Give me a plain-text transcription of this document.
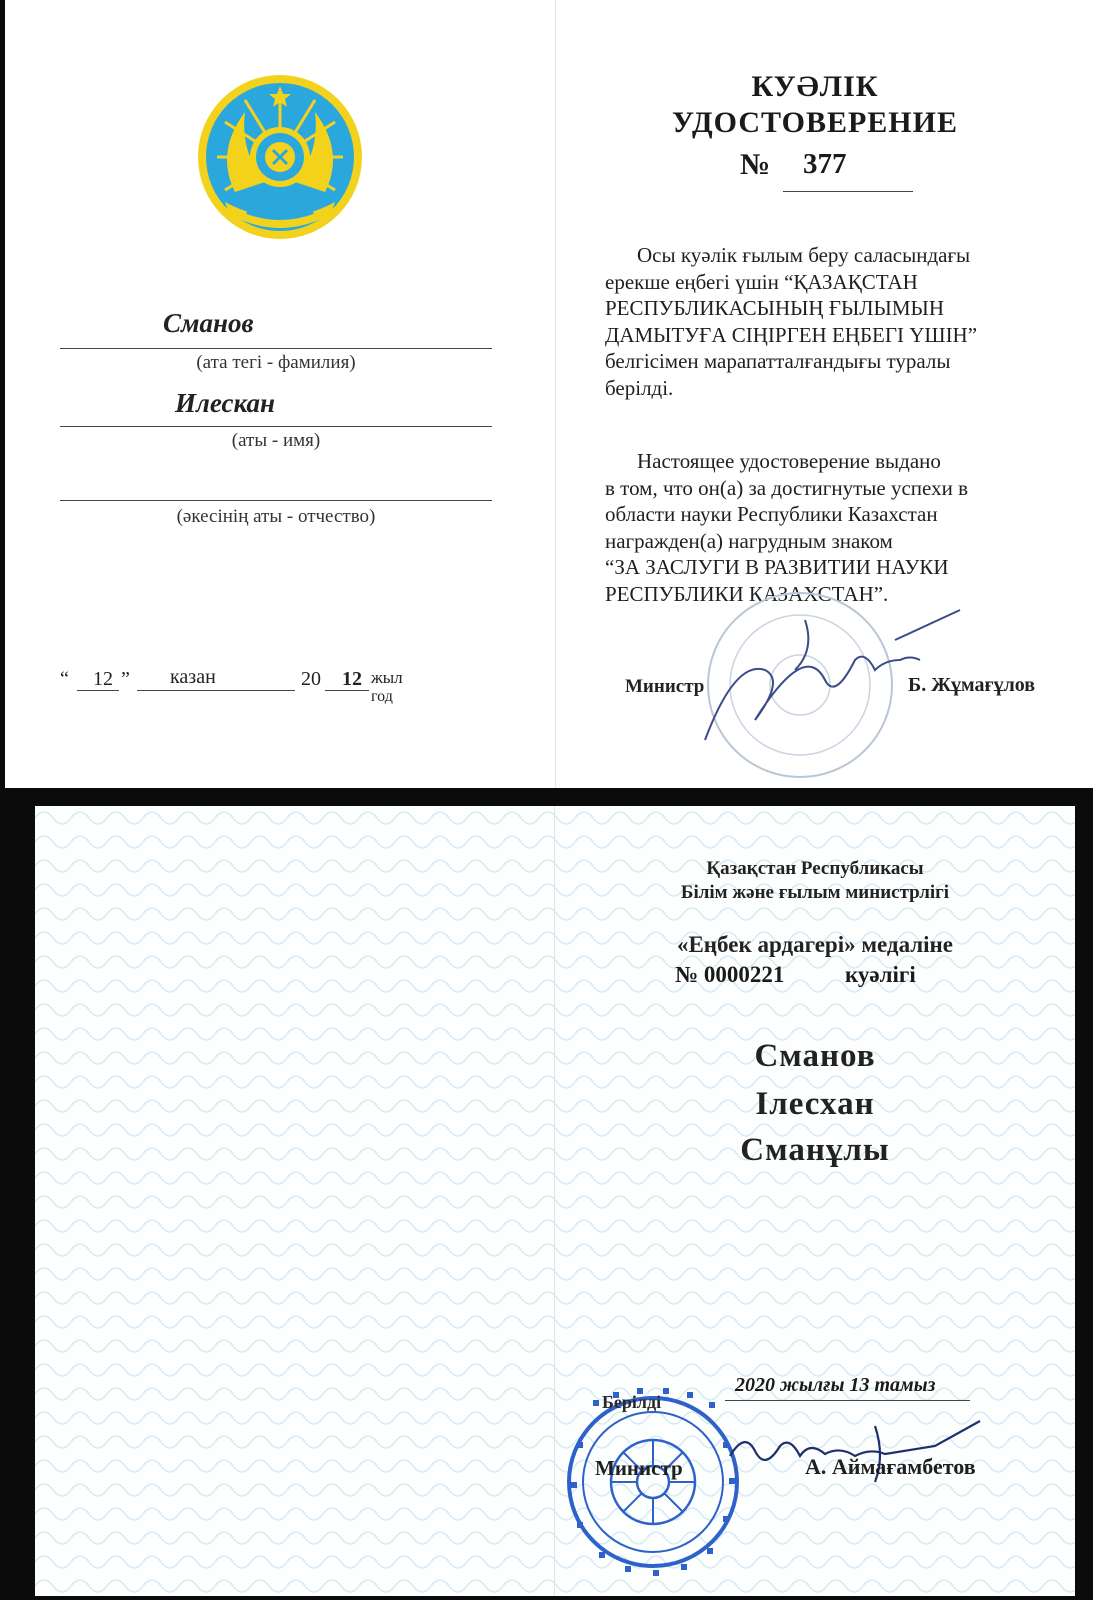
Сманов
(ата тегі - фамилия)
Илескан
(аты - имя)
(әкесінің аты - отчество)
“ 12 ” казан	20 12 жыл
год
КУӘЛІК
УДОСТОВЕРЕНИЕ
№ 377
Осы куәлік ғылым беру саласындағы
ерекше еңбегі үшін “ҚАЗАҚСТАН
РЕСПУБЛИКАСЫНЫҢ ҒЫЛЫМЫН
ДАМЫТУҒА СІҢІРГЕН ЕҢБЕГІ ҮШІН”
белгісімен марапатталғандығы туралы
берілді.
Настоящее удостоверение выдано
в том, что он(а) за достигнутые успехи в
области науки Республики Казахстан
награжден(а) нагрудным знаком
“ЗА ЗАСЛУГИ В РАЗВИТИИ НАУКИ
РЕСПУБЛИКИ КАЗАХСТАН”.
Министр	Б. Жұмағұлов
Қазақстан Республикасы
Білім және ғылым министрлігі
«Еңбек ардагері» медаліне
№ 0000221	куәлігі
Сманов
Ілесхан
Сманұлы
2020 жылғы 13 тамыз
Берілді
Министр	А. Аймағамбетов
